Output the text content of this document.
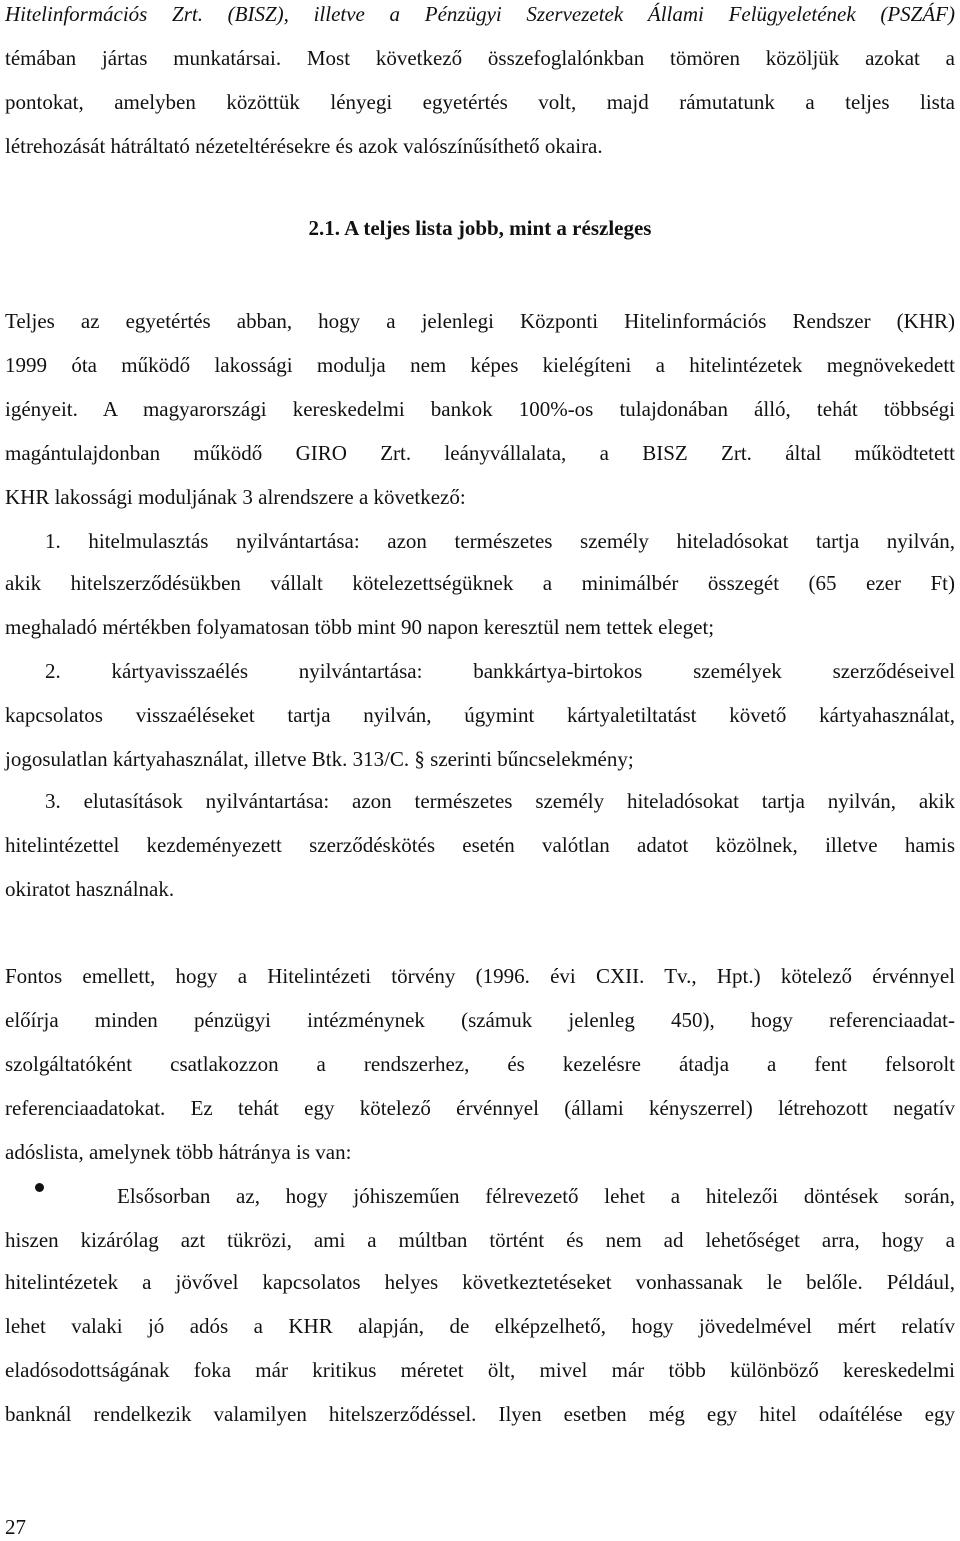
Hitelinformációs Zrt. (BISZ), illetve a Pénzügyi Szervezetek Állami Felügyeletének (PSZÁF)
témában jártas munkatársai. Most következő összefoglalónkban tömören közöljük azokat a
pontokat, amelyben közöttük lényegi egyetértés volt, majd rámutatunk a teljes lista
létrehozását hátráltató nézeteltérésekre és azok valószínűsíthető okaira.
2.1. A teljes lista jobb, mint a részleges
Teljes az egyetértés abban, hogy a jelenlegi Központi Hitelinformációs Rendszer (KHR)
1999 óta működő lakossági modulja nem képes kielégíteni a hitelintézetek megnövekedett
igényeit. A magyarországi kereskedelmi bankok 100%-os tulajdonában álló, tehát többségi
magántulajdonban működő GIRO Zrt. leányvállalata, a BISZ Zrt. által működtetett
KHR lakossági moduljának 3 alrendszere a következő:
1. hitelmulasztás nyilvántartása: azon természetes személy hiteladósokat tartja nyilván,
akik hitelszerződésükben vállalt kötelezettségüknek a minimálbér összegét (65 ezer Ft)
meghaladó mértékben folyamatosan több mint 90 napon keresztül nem tettek eleget;
2. kártyavisszaélés nyilvántartása: bankkártya-birtokos személyek szerződéseivel
kapcsolatos visszaéléseket tartja nyilván, úgymint kártyaletiltatást követő kártyahasználat,
jogosulatlan kártyahasználat, illetve Btk. 313/C. § szerinti bűncselekmény;
3. elutasítások nyilvántartása: azon természetes személy hiteladósokat tartja nyilván, akik
hitelintézettel kezdeményezett szerződéskötés esetén valótlan adatot közölnek, illetve hamis
okiratot használnak.
Fontos emellett, hogy a Hitelintézeti törvény (1996. évi CXII. Tv., Hpt.) kötelező érvénnyel
előírja minden pénzügyi intézménynek (számuk jelenleg 450), hogy referenciaadat-
szolgáltatóként csatlakozzon a rendszerhez, és kezelésre átadja a fent felsorolt
referenciaadatokat. Ez tehát egy kötelező érvénnyel (állami kényszerrel) létrehozott negatív
adóslista, amelynek több hátránya is van:
Elsősorban az, hogy jóhiszeműen félrevezető lehet a hitelezői döntések során,
hiszen kizárólag azt tükrözi, ami a múltban történt és nem ad lehetőséget arra, hogy a
hitelintézetek a jövővel kapcsolatos helyes következtetéseket vonhassanak le belőle. Például,
lehet valaki jó adós a KHR alapján, de elképzelhető, hogy jövedelmével mért relatív
eladósodottságának foka már kritikus méretet ölt, mivel már több különböző kereskedelmi
banknál rendelkezik valamilyen hitelszerződéssel. Ilyen esetben még egy hitel odaítélése egy
27
